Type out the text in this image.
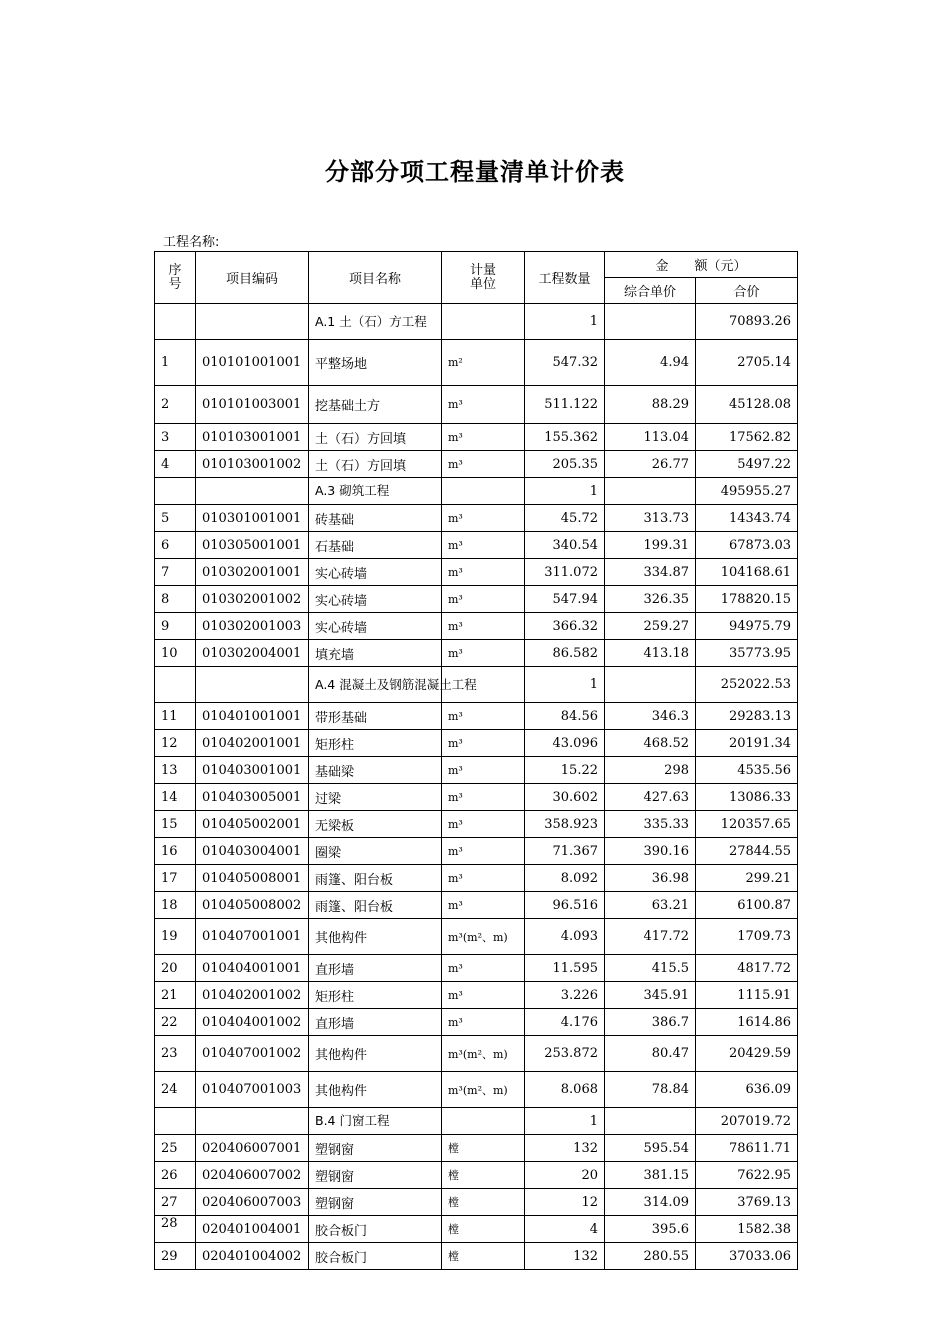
分部分项工程量清单计价表
工程名称:
序号	项目编码	项目名称	计量单位	工程数量	金　　额（元）	
					综合单价	合价
		A.1 土（石）方工程		1		70893.26
1	010101001001	平整场地	m²	547.32	4.94	2705.14
2	010101003001	挖基础土方	m³	511.122	88.29	45128.08
3	010103001001	土（石）方回填	m³	155.362	113.04	17562.82
4	010103001002	土（石）方回填	m³	205.35	26.77	5497.22
		A.3 砌筑工程		1		495955.27
5	010301001001	砖基础	m³	45.72	313.73	14343.74
6	010305001001	石基础	m³	340.54	199.31	67873.03
7	010302001001	实心砖墙	m³	311.072	334.87	104168.61
8	010302001002	实心砖墙	m³	547.94	326.35	178820.15
9	010302001003	实心砖墙	m³	366.32	259.27	94975.79
10	010302004001	填充墙	m³	86.582	413.18	35773.95
		A.4 混凝土及钢筋混凝土工程		1		252022.53
11	010401001001	带形基础	m³	84.56	346.3	29283.13
12	010402001001	矩形柱	m³	43.096	468.52	20191.34
13	010403001001	基础梁	m³	15.22	298	4535.56
14	010403005001	过梁	m³	30.602	427.63	13086.33
15	010405002001	无梁板	m³	358.923	335.33	120357.65
16	010403004001	圈梁	m³	71.367	390.16	27844.55
17	010405008001	雨篷、阳台板	m³	8.092	36.98	299.21
18	010405008002	雨篷、阳台板	m³	96.516	63.21	6100.87
19	010407001001	其他构件	m³(m²、m)	4.093	417.72	1709.73
20	010404001001	直形墙	m³	11.595	415.5	4817.72
21	010402001002	矩形柱	m³	3.226	345.91	1115.91
22	010404001002	直形墙	m³	4.176	386.7	1614.86
23	010407001002	其他构件	m³(m²、m)	253.872	80.47	20429.59
24	010407001003	其他构件	m³(m²、m)	8.068	78.84	636.09
		B.4 门窗工程		1		207019.72
25	020406007001	塑钢窗	樘	132	595.54	78611.71
26	020406007002	塑钢窗	樘	20	381.15	7622.95
27	020406007003	塑钢窗	樘	12	314.09	3769.13
28	020401004001	胶合板门	樘	4	395.6	1582.38
29	020401004002	胶合板门	樘	132	280.55	37033.06
